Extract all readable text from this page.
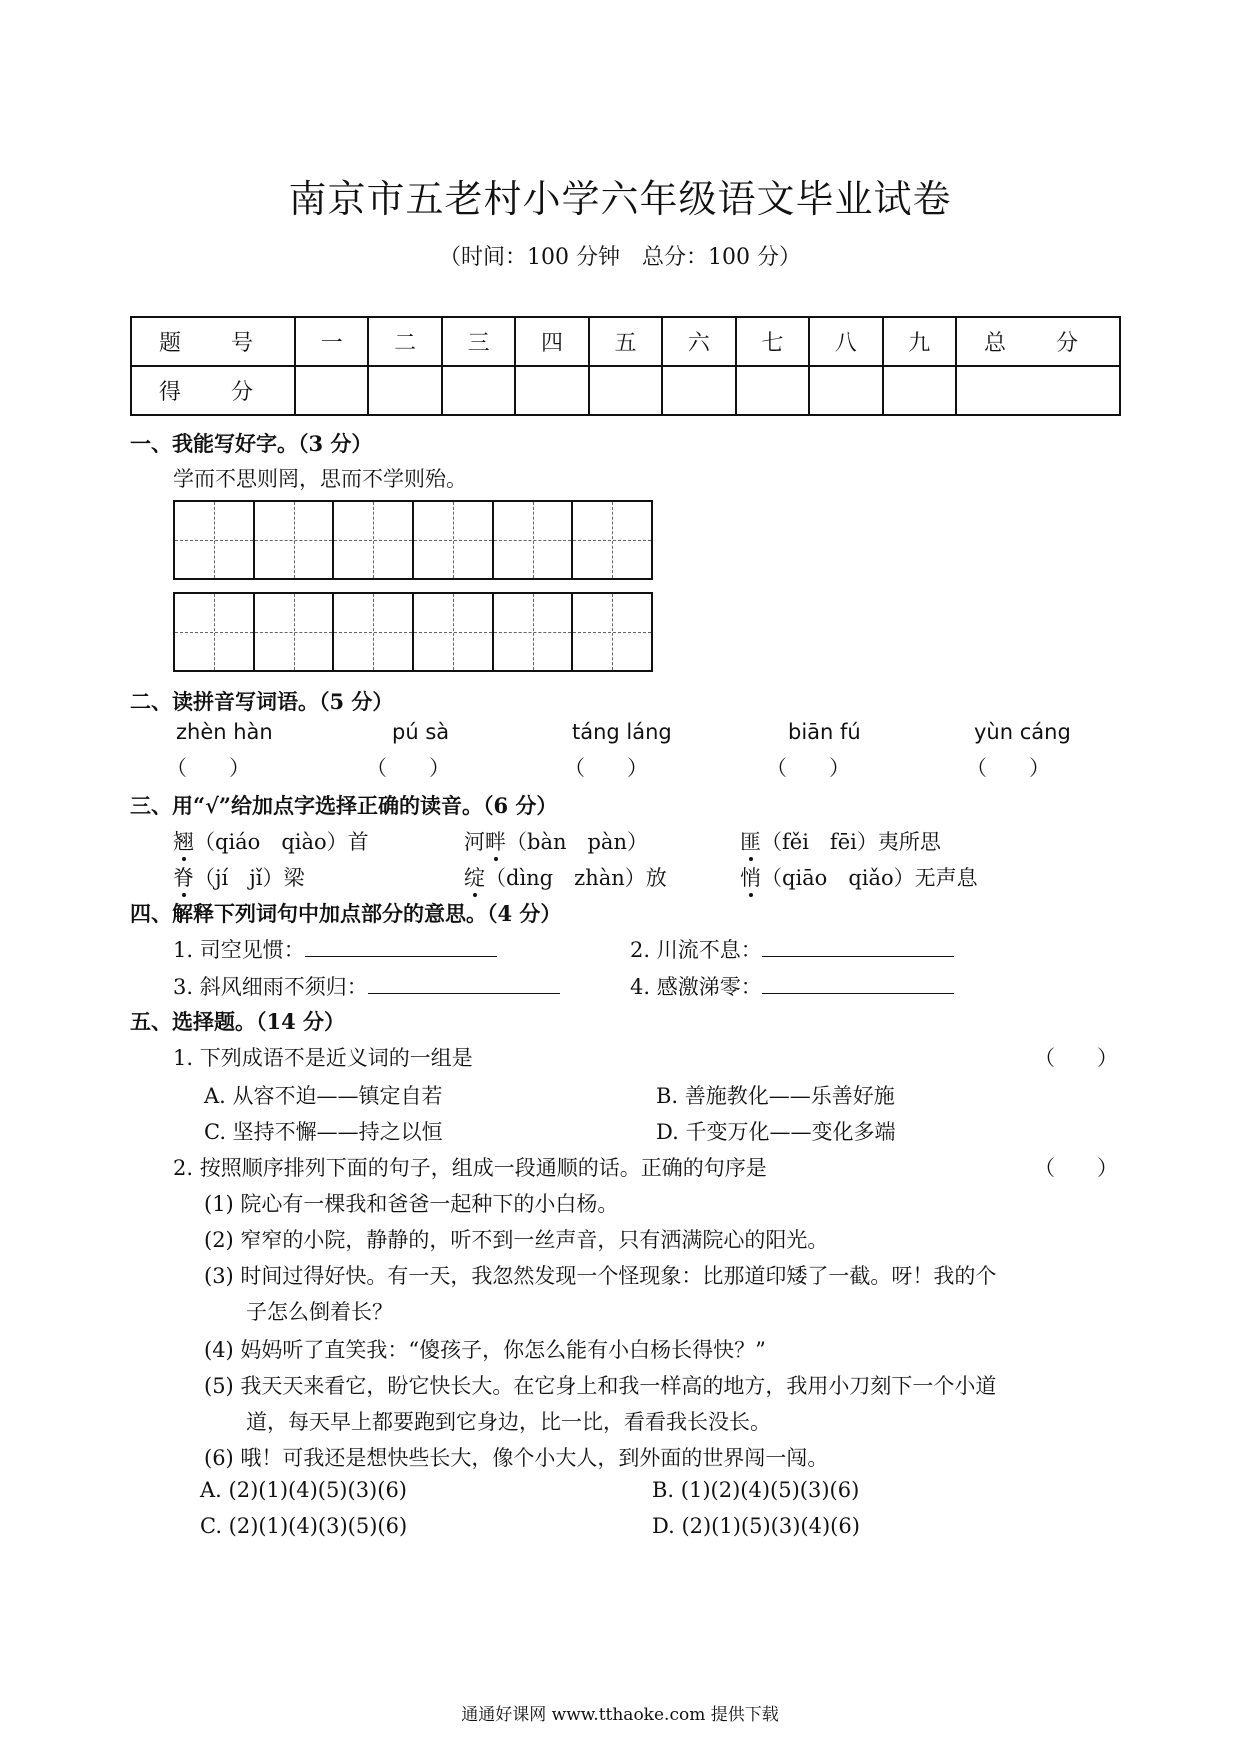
南京市五老村小学六年级语文毕业试卷
（时间：100 分钟　总分：100 分）
题　号	一	二	三	四	五	六	七	八	九	总　分
得　分										
一、我能写好字。（3 分）
学而不思则罔，思而不学则殆。
二、读拼音写词语。（5 分）
zhèn hàn	pú sà	táng láng	biān fú	yùn cáng
（　　）	（　　）	（　　）	（　　）	（　　）
三、用“√”给加点字选择正确的读音。（6 分）
翘（qiáo　qiào）首	河畔（bàn　pàn）	匪（fěi　fēi）夷所思
脊（jí　jǐ）梁	绽（dìng　zhàn）放	悄（qiāo　qiǎo）无声息
四、解释下列词句中加点部分的意思。（4 分）
1. 司空见惯：	2. 川流不息：
3. 斜风细雨不须归：	4. 感激涕零：
五、选择题。（14 分）
1. 下列成语不是近义词的一组是	（　　）
A. 从容不迫——镇定自若	B. 善施教化——乐善好施
C. 坚持不懈——持之以恒	D. 千变万化——变化多端
2. 按照顺序排列下面的句子，组成一段通顺的话。正确的句序是	（　　）
(1) 院心有一棵我和爸爸一起种下的小白杨。
(2) 窄窄的小院，静静的，听不到一丝声音，只有洒满院心的阳光。
(3) 时间过得好快。有一天，我忽然发现一个怪现象：比那道印矮了一截。呀！我的个
子怎么倒着长？
(4) 妈妈听了直笑我：“傻孩子，你怎么能有小白杨长得快？”
(5) 我天天来看它，盼它快长大。在它身上和我一样高的地方，我用小刀刻下一个小道
道，每天早上都要跑到它身边，比一比，看看我长没长。
(6) 哦！可我还是想快些长大，像个小大人，到外面的世界闯一闯。
A. (2)(1)(4)(5)(3)(6)	B. (1)(2)(4)(5)(3)(6)
C. (2)(1)(4)(3)(5)(6)	D. (2)(1)(5)(3)(4)(6)
通通好课网 www.tthaoke.com 提供下载
